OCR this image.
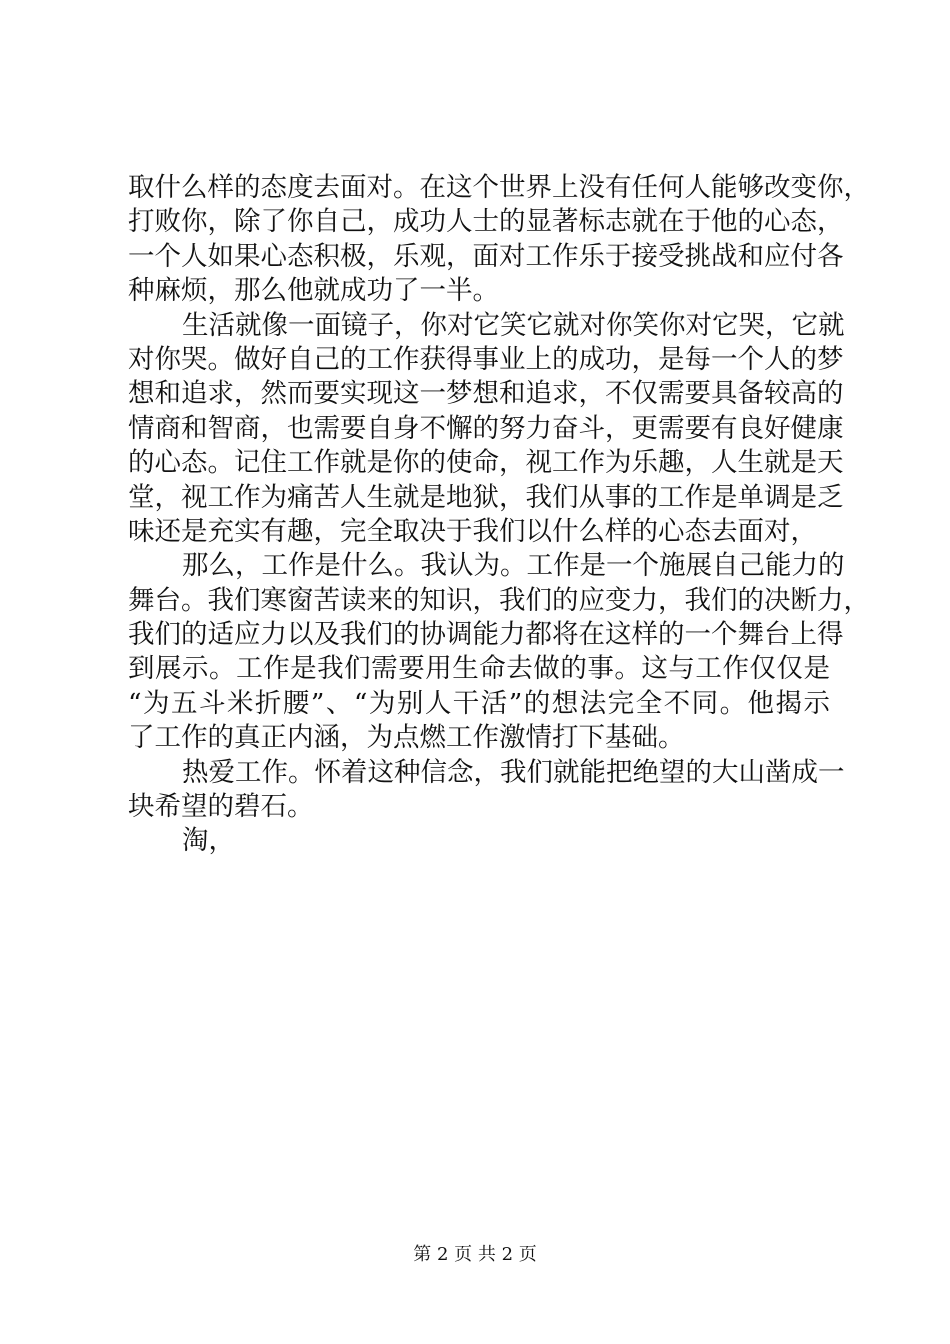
取什么样的态度去面对。在这个世界上没有任何人能够改变你，
打败你，除了你自己，成功人士的显著标志就在于他的心态，
一个人如果心态积极，乐观，面对工作乐于接受挑战和应付各
种麻烦，那么他就成功了一半。
生活就像一面镜子，你对它笑它就对你笑你对它哭，它就
对你哭。做好自己的工作获得事业上的成功，是每一个人的梦
想和追求，然而要实现这一梦想和追求，不仅需要具备较高的
情商和智商，也需要自身不懈的努力奋斗，更需要有良好健康
的心态。记住工作就是你的使命，视工作为乐趣，人生就是天
堂，视工作为痛苦人生就是地狱，我们从事的工作是单调是乏
味还是充实有趣，完全取决于我们以什么样的心态去面对，
那么，工作是什么。我认为。工作是一个施展自己能力的
舞台。我们寒窗苦读来的知识，我们的应变力，我们的决断力，
我们的适应力以及我们的协调能力都将在这样的一个舞台上得
到展示。工作是我们需要用生命去做的事。这与工作仅仅是
“为五斗米折腰”、“为别人干活”的想法完全不同。他揭示
了工作的真正内涵，为点燃工作激情打下基础。
热爱工作。怀着这种信念，我们就能把绝望的大山凿成一
块希望的碧石。
淘，
第 2 页 共 2 页
